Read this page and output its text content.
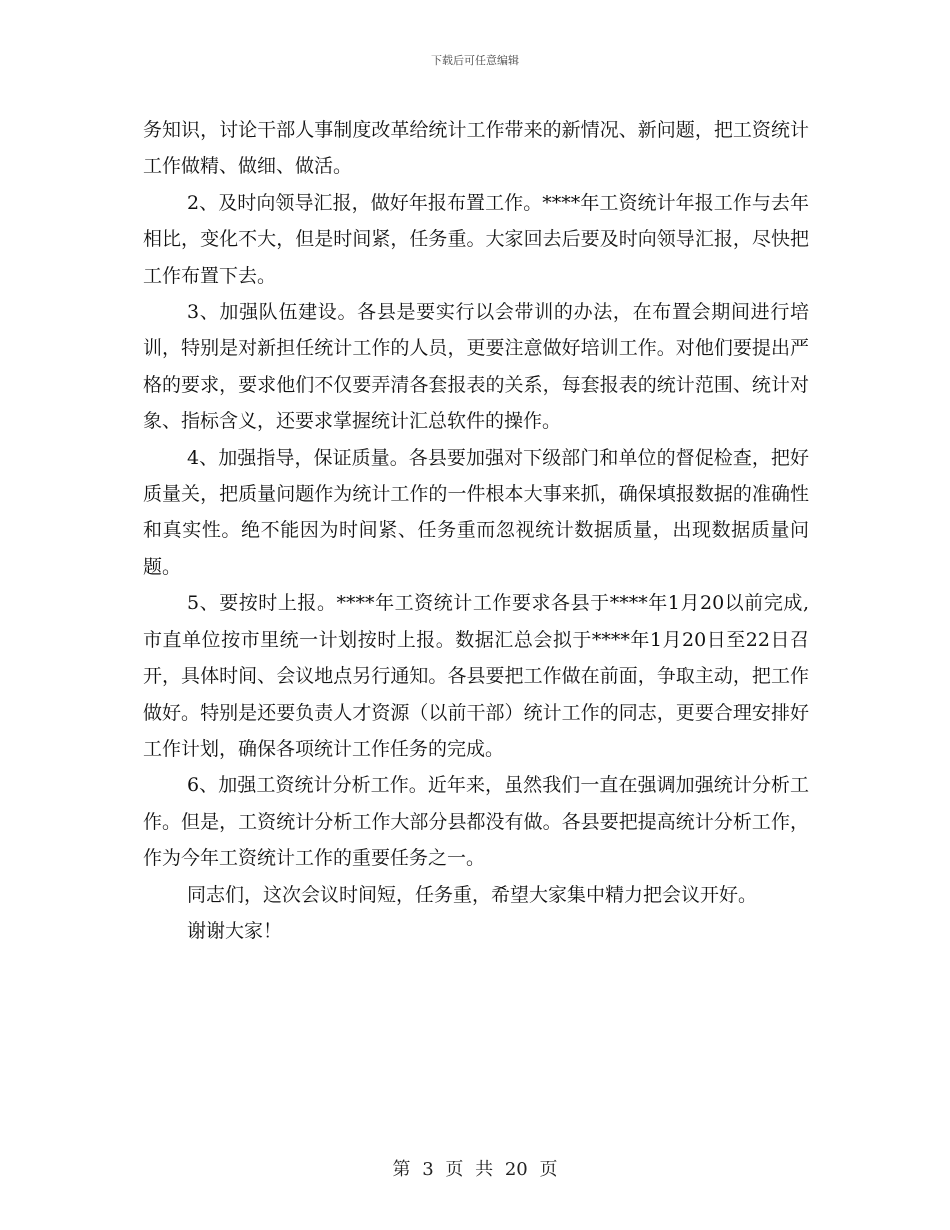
下载后可任意编辑

务知识，讨论干部人事制度改革给统计工作带来的新情况、新问题，把工资统计工作做精、做细、做活。

2、及时向领导汇报，做好年报布置工作。****年工资统计年报工作与去年相比，变化不大，但是时间紧，任务重。大家回去后要及时向领导汇报，尽快把工作布置下去。

3、加强队伍建设。各县是要实行以会带训的办法，在布置会期间进行培训，特别是对新担任统计工作的人员，更要注意做好培训工作。对他们要提出严格的要求，要求他们不仅要弄清各套报表的关系，每套报表的统计范围、统计对象、指标含义，还要求掌握统计汇总软件的操作。

4、加强指导，保证质量。各县要加强对下级部门和单位的督促检查，把好质量关，把质量问题作为统计工作的一件根本大事来抓，确保填报数据的准确性和真实性。绝不能因为时间紧、任务重而忽视统计数据质量，出现数据质量问题。

5、要按时上报。****年工资统计工作要求各县于****年1月20以前完成,市直单位按市里统一计划按时上报。数据汇总会拟于****年1月20日至22日召开，具体时间、会议地点另行通知。各县要把工作做在前面，争取主动，把工作做好。特别是还要负责人才资源（以前干部）统计工作的同志，更要合理安排好工作计划，确保各项统计工作任务的完成。

6、加强工资统计分析工作。近年来，虽然我们一直在强调加强统计分析工作。但是，工资统计分析工作大部分县都没有做。各县要把提高统计分析工作，作为今年工资统计工作的重要任务之一。

同志们，这次会议时间短，任务重，希望大家集中精力把会议开好。

谢谢大家！

第 3 页 共 20 页
